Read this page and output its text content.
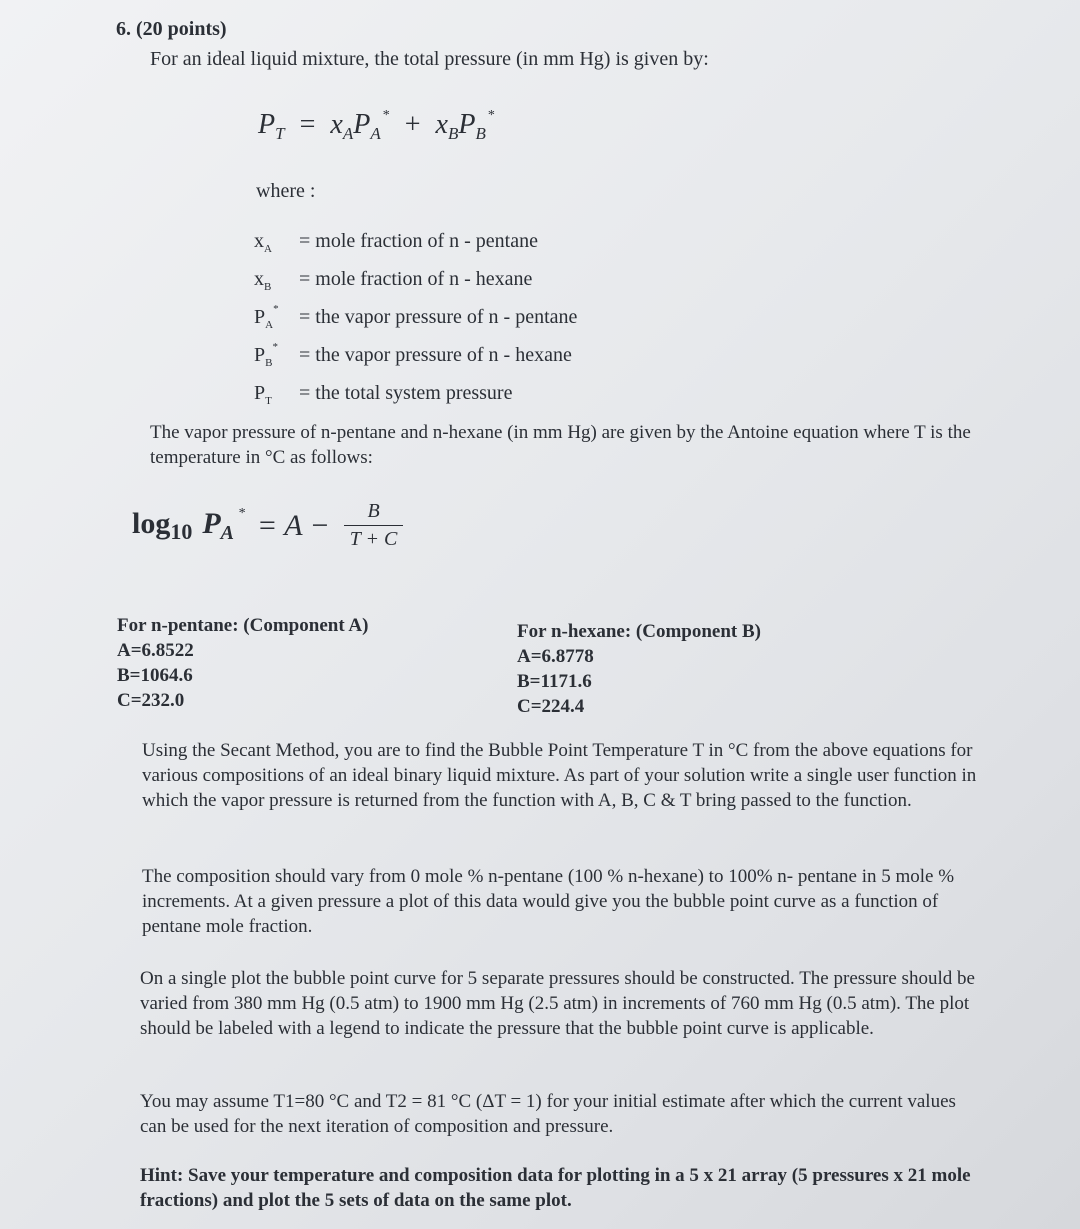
6. (20 points)
For an ideal liquid mixture, the total pressure (in mm Hg) is given by:
$P_T = x_AP_A^* + x_BP_B^*$
where :
$x_A$ = mole fraction of n - pentane
$x_B$ = mole fraction of n - hexane
$P_A^*$ = the vapor pressure of n - pentane
$P_B^*$ = the vapor pressure of n - hexane
$P_T$ = the total system pressure
The vapor pressure of n-pentane and n-hexane (in mm Hg) are given by the Antoine equation where T is the temperature in °C as follows:
$\log_{10} P_A^* = A - \frac{B}{T + C}$
For n-pentane: (Component A)
A=6.8522
B=1064.6
C=232.0
For n-hexane: (Component B)
A=6.8778
B=1171.6
C=224.4
Using the Secant Method, you are to find the Bubble Point Temperature T in °C from the above equations for various compositions of an ideal binary liquid mixture. As part of your solution write a single user function in which the vapor pressure is returned from the function with A, B, C & T bring passed to the function.
The composition should vary from 0 mole % n-pentane (100 % n-hexane) to 100% n- pentane in 5 mole % increments. At a given pressure a plot of this data would give you the bubble point curve as a function of pentane mole fraction.
On a single plot the bubble point curve for 5 separate pressures should be constructed. The pressure should be varied from 380 mm Hg (0.5 atm) to 1900 mm Hg (2.5 atm) in increments of 760 mm Hg (0.5 atm). The plot should be labeled with a legend to indicate the pressure that the bubble point curve is applicable.
You may assume T1=80 °C and T2 = 81 °C (ΔT = 1) for your initial estimate after which the current values can be used for the next iteration of composition and pressure.
Hint: Save your temperature and composition data for plotting in a 5 x 21 array (5 pressures x 21 mole fractions) and plot the 5 sets of data on the same plot.
